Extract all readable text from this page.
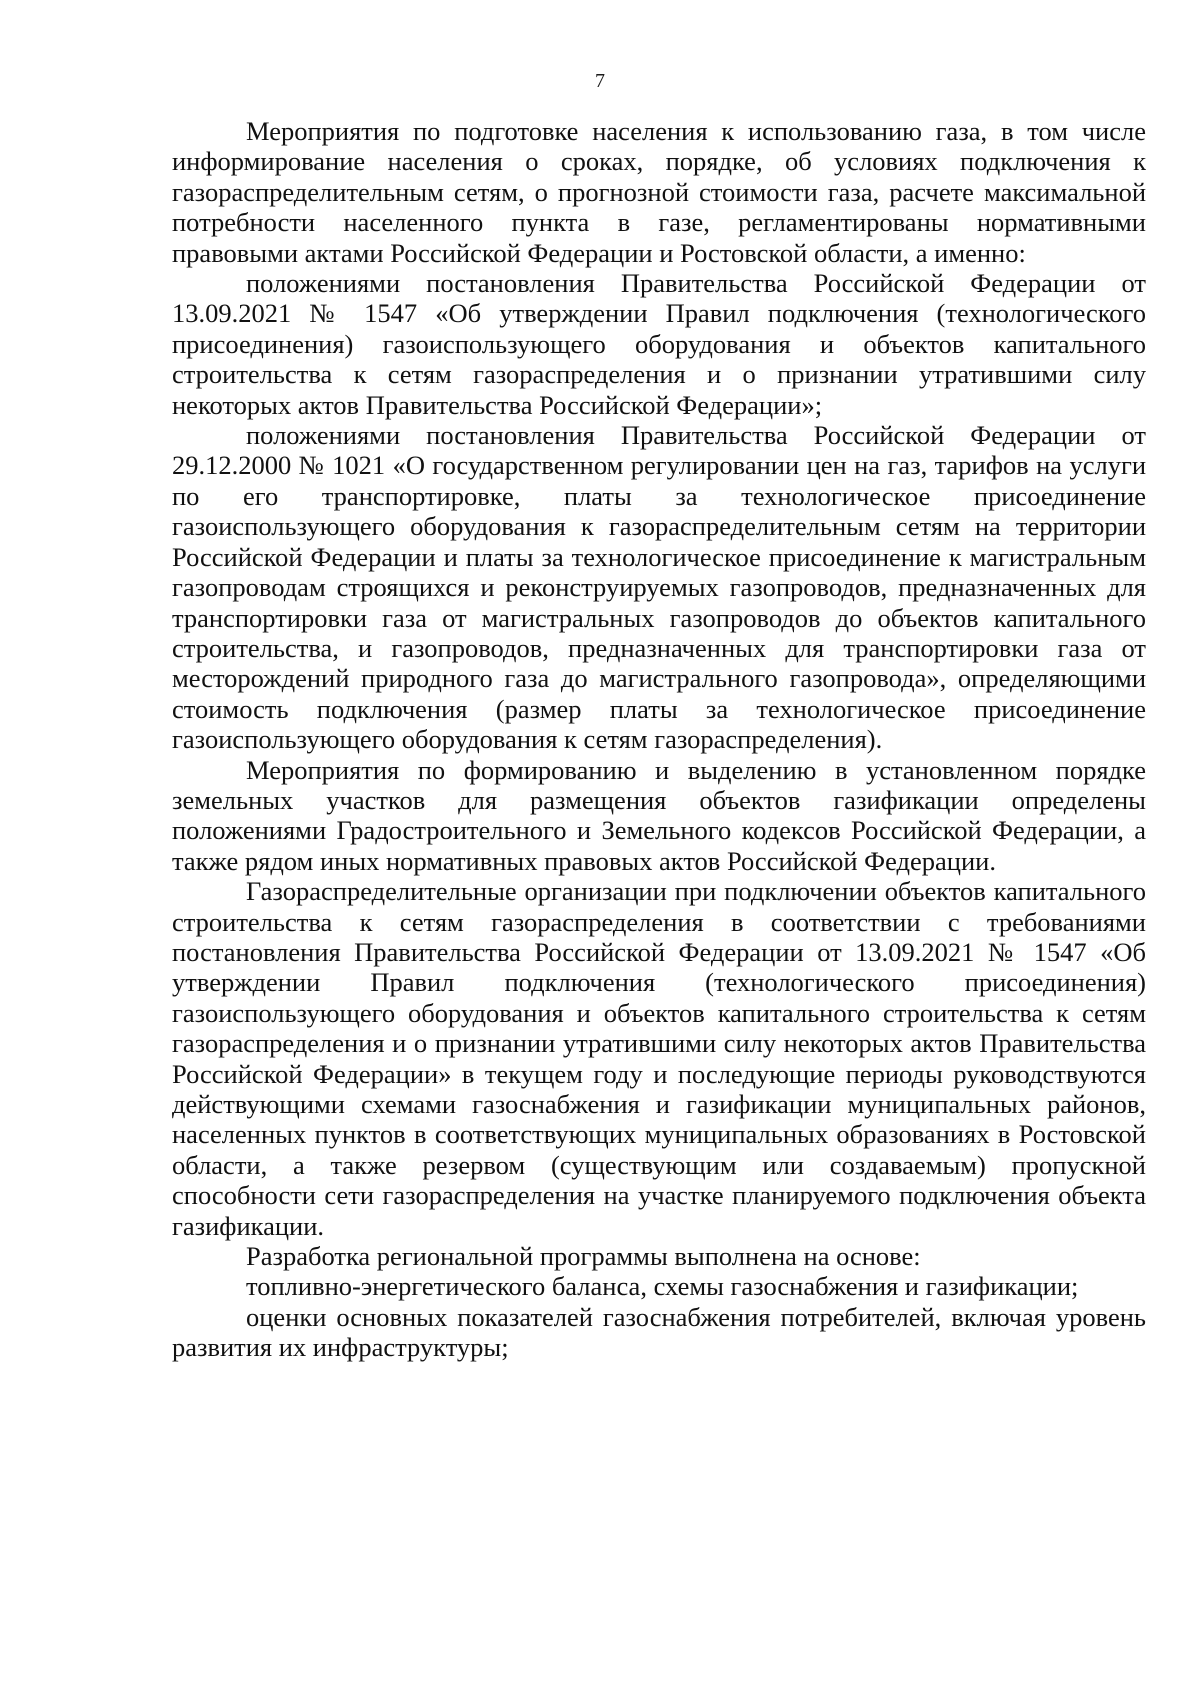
7

Мероприятия по подготовке населения к использованию газа, в том числе информирование населения о сроках, порядке, об условиях подключения к газораспределительным сетям, о прогнозной стоимости газа, расчете максимальной потребности населенного пункта в газе, регламентированы нормативными правовыми актами Российской Федерации и Ростовской области, а именно:

положениями постановления Правительства Российской Федерации от 13.09.2021 № 1547 «Об утверждении Правил подключения (технологического присоединения) газоиспользующего оборудования и объектов капитального строительства к сетям газораспределения и о признании утратившими силу некоторых актов Правительства Российской Федерации»;

положениями постановления Правительства Российской Федерации от 29.12.2000 № 1021 «О государственном регулировании цен на газ, тарифов на услуги по его транспортировке, платы за технологическое присоединение газоиспользующего оборудования к газораспределительным сетям на территории Российской Федерации и платы за технологическое присоединение к магистральным газопроводам строящихся и реконструируемых газопроводов, предназначенных для транспортировки газа от магистральных газопроводов до объектов капитального строительства, и газопроводов, предназначенных для транспортировки газа от месторождений природного газа до магистрального газопровода», определяющими стоимость подключения (размер платы за технологическое присоединение газоиспользующего оборудования к сетям газораспределения).

Мероприятия по формированию и выделению в установленном порядке земельных участков для размещения объектов газификации определены положениями Градостроительного и Земельного кодексов Российской Федерации, а также рядом иных нормативных правовых актов Российской Федерации.

Газораспределительные организации при подключении объектов капитального строительства к сетям газораспределения в соответствии с требованиями постановления Правительства Российской Федерации от 13.09.2021 № 1547 «Об утверждении Правил подключения (технологического присоединения) газоиспользующего оборудования и объектов капитального строительства к сетям газораспределения и о признании утратившими силу некоторых актов Правительства Российской Федерации» в текущем году и последующие периоды руководствуются действующими схемами газоснабжения и газификации муниципальных районов, населенных пунктов в соответствующих муниципальных образованиях в Ростовской области, а также резервом (существующим или создаваемым) пропускной способности сети газораспределения на участке планируемого подключения объекта газификации.

Разработка региональной программы выполнена на основе:

топливно-энергетического баланса, схемы газоснабжения и газификации;

оценки основных показателей газоснабжения потребителей, включая уровень развития их инфраструктуры;
